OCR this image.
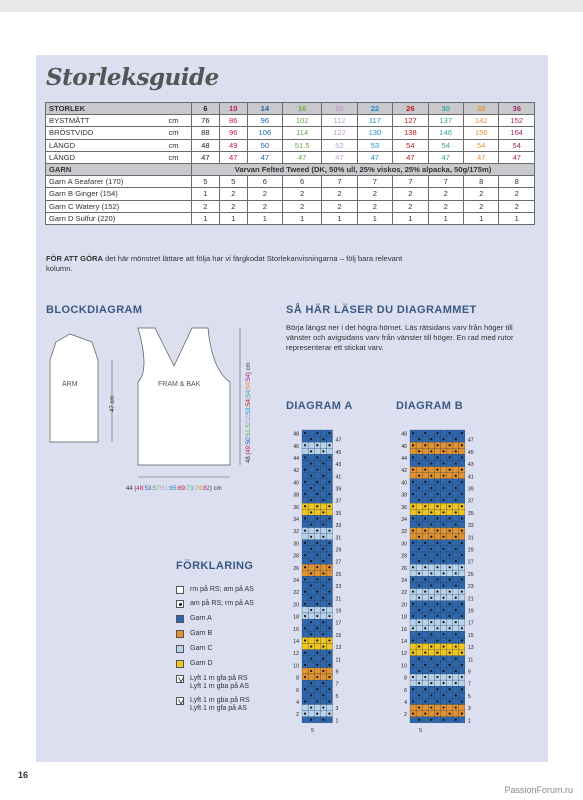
Storleksguide
STORLEK		6	10	14	16	20	22	26	30	32	36
BYSTMÅTT	cm	76	86	96	102	112	117	127	137	142	152
BRÖSTVIDD	cm	88	96	106	114	122	130	138	146	156	164
LÄNGD	cm	48	49	50	51.5	52	53	54	54	54	54
LÄNGD	cm	47	47	47	47	47	47	47	47	47	47
GARN		Varvan Felted Tweed (DK, 50% ull, 25% viskos, 25% alpacka, 50g/175m)									
Garn A Seafarer (170)		5	5	6	6	7	7	7	7	8	8
Garn B Ginger (154)		1	2	2	2	2	2	2	2	2	2
Garn C Watery (152)		2	2	2	2	2	2	2	2	2	2
Garn D Sulfur (220)		1	1	1	1	1	1	1	1	1	1
FÖR ATT GÖRA det här mönstret lättare att följa har vi färgkodat Storlekanvisningarna – följ bara relevant kolumn.
BLOCKDIAGRAM	SÅ HÄR LÄSER DU DIAGRAMMET
Börja längst ner i det högra hörnet. Läs rätsidans varv från höger till vänster och avigsidans varv från vänster till höger. En rad med rutor representerar ett stickat varv.
ÄRM	FRAM & BAK
47 cm
48 (49:50:51.5:52:53:54:54:54:54) cm
44 (48:53:57:61:65:69:73:78:82) cm
DIAGRAM A	DIAGRAM B
48
46
44
42
40
38
36
34
32
30
28
26
24
22
20
18
16
14
12
10
8
6
4
2
47
45
43
41
39
37
35
33
31
29
27
25
23
21
19
17
15
13
11
9
7
5
3
1
5
48
46
44
42
40
38
36
34
32
30
28
26
24
22
20
18
16
14
12
10
8
6
4
2
47
45
43
41
39
37
35
33
31
29
27
25
23
21
19
17
15
13
11
9
7
5
3
1
5
FÖRKLARING
rm på RS; am på AS
am på RS; rm på AS
Garn A
Garn B
Garn C
Garn D
Lyft 1 m gfa på RS
Lyft 1 m gba på AS
Lyft 1 m gba på RS
Lyft 1 m gfa på AS
16
PassionForum.ru
